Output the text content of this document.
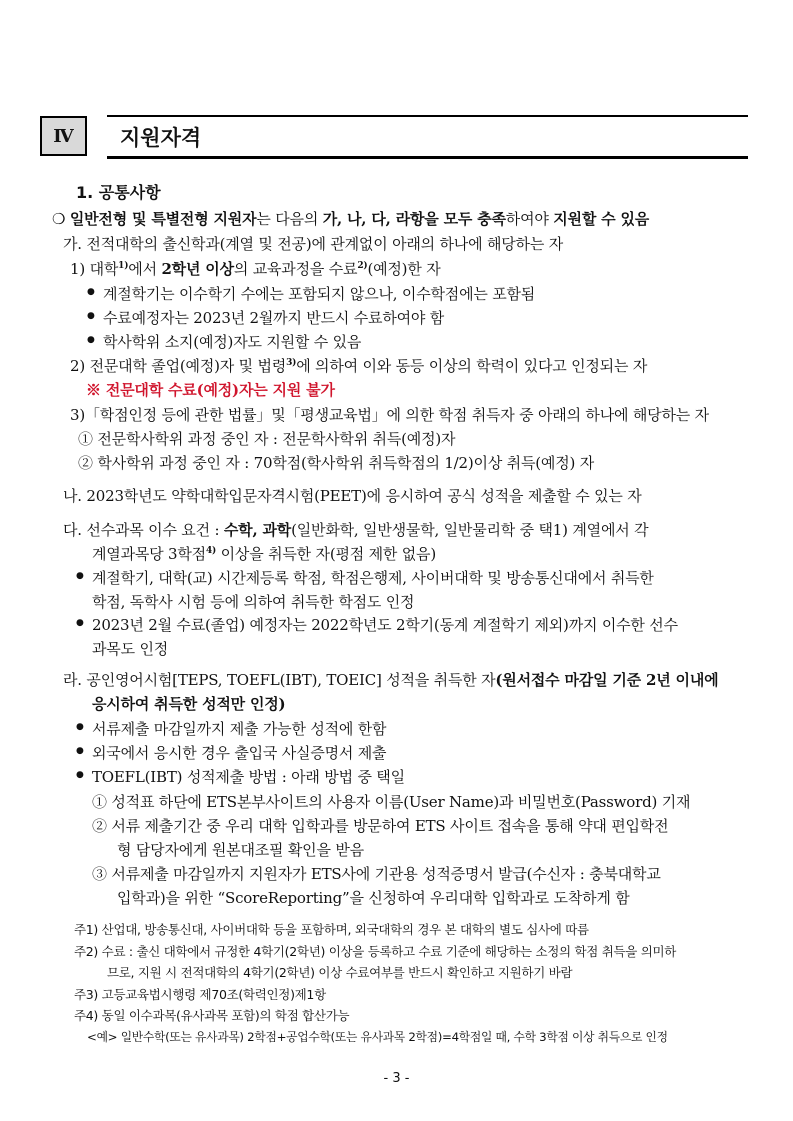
Ⅳ	지원자격
1. 공통사항
❍ 일반전형 및 특별전형 지원자는 다음의 가, 나, 다, 라항을 모두 충족하여야 지원할 수 있음
가. 전적대학의 출신학과(계열 및 전공)에 관계없이 아래의 하나에 해당하는 자
1) 대학$^{1)}$에서 2학년 이상의 교육과정을 수료$^{2)}$(예정)한 자
● 계절학기는 이수학기 수에는 포함되지 않으나, 이수학점에는 포함됨
● 수료예정자는 2023년 2월까지 반드시 수료하여야 함
● 학사학위 소지(예정)자도 지원할 수 있음
2) 전문대학 졸업(예정)자 및 법령$^{3)}$에 의하여 이와 동등 이상의 학력이 있다고 인정되는 자
※ 전문대학 수료(예정)자는 지원 불가
3)「학점인정 등에 관한 법률」및「평생교육법」에 의한 학점 취득자 중 아래의 하나에 해당하는 자
① 전문학사학위 과정 중인 자 : 전문학사학위 취득(예정)자
② 학사학위 과정 중인 자 : 70학점(학사학위 취득학점의 1/2)이상 취득(예정) 자
나. 2023학년도 약학대학입문자격시험(PEET)에 응시하여 공식 성적을 제출할 수 있는 자
다. 선수과목 이수 요건 : 수학, 과학(일반화학, 일반생물학, 일반물리학 중 택1) 계열에서 각
계열과목당 3학점$^{4)}$ 이상을 취득한 자(평점 제한 없음)
● 계절학기, 대학(교) 시간제등록 학점, 학점은행제, 사이버대학 및 방송통신대에서 취득한
학점, 독학사 시험 등에 의하여 취득한 학점도 인정
● 2023년 2월 수료(졸업) 예정자는 2022학년도 2학기(동계 계절학기 제외)까지 이수한 선수
과목도 인정
라. 공인영어시험[TEPS, TOEFL(IBT), TOEIC] 성적을 취득한 자(원서접수 마감일 기준 2년 이내에
응시하여 취득한 성적만 인정)
● 서류제출 마감일까지 제출 가능한 성적에 한함
● 외국에서 응시한 경우 출입국 사실증명서 제출
● TOEFL(IBT) 성적제출 방법 : 아래 방법 중 택일
① 성적표 하단에 ETS본부사이트의 사용자 이름(User Name)과 비밀번호(Password) 기재
② 서류 제출기간 중 우리 대학 입학과를 방문하여 ETS 사이트 접속을 통해 약대 편입학전
형 담당자에게 원본대조필 확인을 받음
③ 서류제출 마감일까지 지원자가 ETS사에 기관용 성적증명서 발급(수신자 : 충북대학교
입학과)을 위한 “ScoreReporting”을 신청하여 우리대학 입학과로 도착하게 함
주1) 산업대, 방송통신대, 사이버대학 등을 포함하며, 외국대학의 경우 본 대학의 별도 심사에 따름
주2) 수료 : 출신 대학에서 규정한 4학기(2학년) 이상을 등록하고 수료 기준에 해당하는 소정의 학점 취득을 의미하
므로, 지원 시 전적대학의 4학기(2학년) 이상 수료여부를 반드시 확인하고 지원하기 바람
주3) 고등교육법시행령 제70조(학력인정)제1항
주4) 동일 이수과목(유사과목 포함)의 학점 합산가능
<예> 일반수학(또는 유사과목) 2학점+공업수학(또는 유사과목 2학점)=4학점일 때, 수학 3학점 이상 취득으로 인정
- 3 -
